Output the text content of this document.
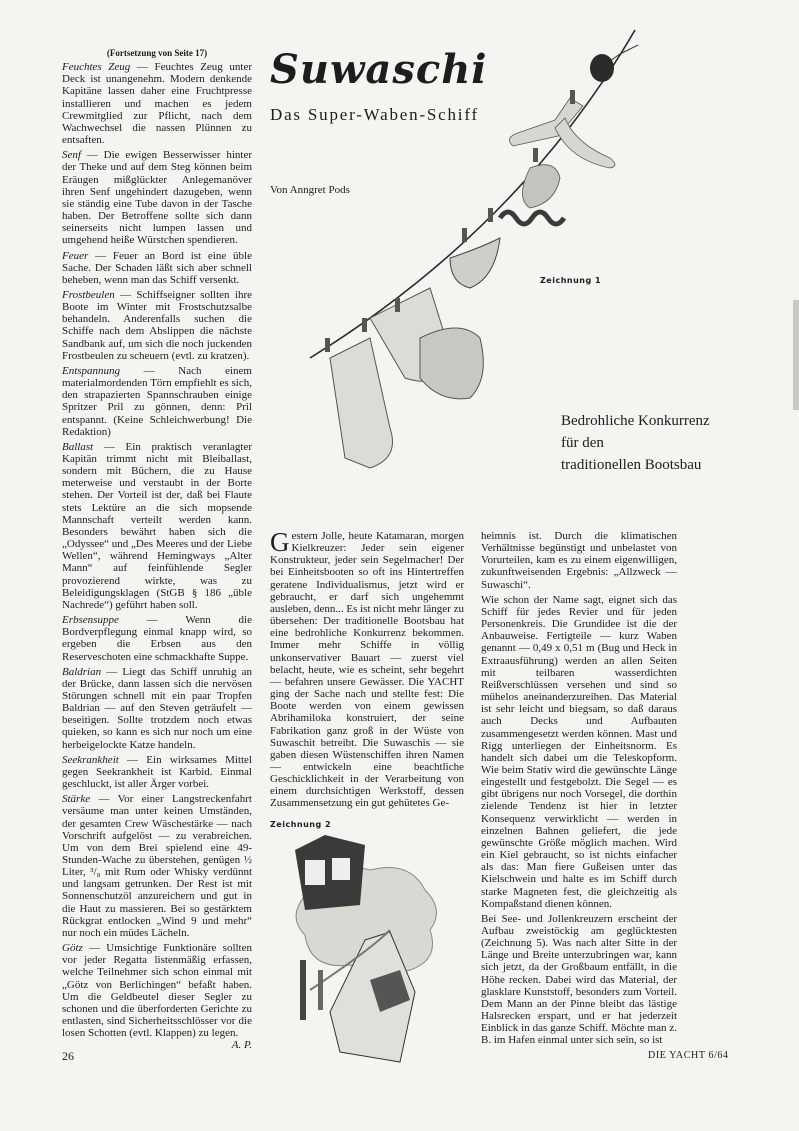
(Fortsetzung von Seite 17)

Feuchtes Zeug — Feuchtes Zeug unter Deck ist unangenehm. Modern denkende Kapitäne lassen daher eine Fruchtpresse installieren und machen es jedem Crewmitglied zur Pflicht, nach dem Wachwechsel die nassen Plünnen zu entsaften.

Senf — Die ewigen Besserwisser hinter der Theke und auf dem Steg können beim Eräugen mißglückter Anlegemanöver ihren Senf ungehindert dazugeben, wenn sie ständig eine Tube davon in der Tasche haben. Der Betroffene sollte sich dann seinerseits nicht lumpen lassen und umgehend heiße Würstchen spendieren.

Feuer — Feuer an Bord ist eine üble Sache. Der Schaden läßt sich aber schnell beheben, wenn man das Schiff versenkt.

Frostbeulen — Schiffseigner sollten ihre Boote im Winter mit Frostschutzsalbe behandeln. Anderenfalls suchen die Schiffe nach dem Abslippen die nächste Sandbank auf, um sich die noch juckenden Frostbeulen zu scheuern (evtl. zu kratzen).

Entspannung — Nach einem materialmordenden Törn empfiehlt es sich, den strapazierten Spannschrauben einige Spritzer Pril zu gönnen, denn: Pril entspannt. (Keine Schleichwerbung! Die Redaktion)

Ballast — Ein praktisch veranlagter Kapitän trimmt nicht mit Bleiballast, sondern mit Büchern, die zu Hause meterweise und verstaubt in der Borte stehen. Der Vorteil ist der, daß bei Flaute stets Lektüre an die sich mopsende Mannschaft verteilt werden kann. Besonders bewährt haben sich die „Odyssee“ und „Des Meeres und der Liebe Wellen“, während Hemingways „Alter Mann“ auf feinfühlende Segler provozierend wirkte, was zu Beleidigungsklagen (StGB § 186 „üble Nachrede“) geführt haben soll.

Erbsensuppe — Wenn die Bordverpflegung einmal knapp wird, so ergeben die Erbsen aus den Reserveschoten eine schmackhafte Suppe.

Baldrian — Liegt das Schiff unruhig an der Brücke, dann lassen sich die nervösen Störungen schnell mit ein paar Tropfen Baldrian — auf den Steven geträufelt — beseitigen. Sollte trotzdem noch etwas quieken, so kann es sich nur noch um eine herbeigelockte Katze handeln.

Seekrankheit — Ein wirksames Mittel gegen Seekrankheit ist Karbid. Einmal geschluckt, ist aller Ärger vorbei.

Stärke — Vor einer Langstreckenfahrt versäume man unter keinen Umständen, der gesamten Crew Wäschestärke — nach Vorschrift aufgelöst — zu verabreichen. Um von dem Brei spielend eine 49-Stunden-Wache zu überstehen, genügen ½ Liter, ³/₈ mit Rum oder Whisky verdünnt und langsam getrunken. Der Rest ist mit Sonnenschutzöl anzureichern und gut in die Haut zu massieren. Bei so gestärktem Rückgrat entlocken „Wind 9 und mehr“ nur noch ein müdes Lächeln.

Götz — Umsichtige Funktionäre sollten vor jeder Regatta listenmäßig erfassen, welche Teilnehmer sich schon einmal mit „Götz von Berlichingen“ befaßt haben. Um die Geldbeutel dieser Segler zu schonen und die überforderten Gerichte zu entlasten, sind Sicherheitsschlösser vor die losen Schotten (evtl. Klappen) zu legen.
A. P.

Suwaschi
Das Super-Waben-Schiff
Von Anngret Pods
Zeichnung 1
Bedrohliche Konkurrenz
für den
traditionellen Bootsbau

Gestern Jolle, heute Katamaran, morgen Kielkreuzer: Jeder sein eigener Konstrukteur, jeder sein Segelmacher! Der bei Einheitsbooten so oft ins Hintertreffen geratene Individualismus, jetzt wird er gebraucht, er darf sich ungehemmt ausleben, denn... Es ist nicht mehr länger zu übersehen: Der traditionelle Bootsbau hat eine bedrohliche Konkurrenz bekommen. Immer mehr Schiffe in völlig unkonservativer Bauart — zuerst viel belacht, heute, wie es scheint, sehr begehrt — befahren unsere Gewässer. Die YACHT ging der Sache nach und stellte fest: Die Boote werden von einem gewissen Abrihamiloka konstruiert, der seine Fabrikation ganz groß in der Wüste von Suwaschit betreibt. Die Suwaschis — sie gaben diesen Wüstenschiffen ihren Namen — entwickeln eine beachtliche Geschicklichkeit in der Verarbeitung von einem durchsichtigen Werkstoff, dessen Zusammensetzung ein gut gehütetes Ge-

Zeichnung 2

heimnis ist. Durch die klimatischen Verhältnisse begünstigt und unbelastet von Vorurteilen, kam es zu einem eigenwilligen, zukunftweisenden Ergebnis: „Allzweck — Suwaschi“.

Wie schon der Name sagt, eignet sich das Schiff für jedes Revier und für jeden Personenkreis. Die Grundidee ist die der Anbauweise. Fertigteile — kurz Waben genannt — 0,49 x 0,51 m (Bug und Heck in Extraausführung) werden an allen Seiten mit teilbaren wasserdichten Reißverschlüssen versehen und sind so mühelos aneinanderzureihen. Das Material ist sehr leicht und biegsam, so daß daraus auch Decks und Aufbauten zusammengesetzt werden können. Mast und Rigg unterliegen der Einheitsnorm. Es handelt sich dabei um die Teleskopform. Wie beim Stativ wird die gewünschte Länge eingestellt und festgebolzt. Die Segel — es gibt übrigens nur noch Vorsegel, die dorthin zielende Tendenz ist hier in letzter Konsequenz verwirklicht — werden in einzelnen Bahnen geliefert, die jede gewünschte Größe möglich machen. Wird ein Kiel gebraucht, so ist nichts einfacher als das: Man fiere Gußeisen unter das Kielschwein und halte es im Schiff durch starke Magneten fest, die gleichzeitig als Kompaßstand dienen können.

Bei See- und Jollenkreuzern erscheint der Aufbau zweistöckig am geglücktesten (Zeichnung 5). Was nach alter Sitte in der Länge und Breite unterzubringen war, kann sich jetzt, da der Großbaum entfällt, in die Höhe recken. Dabei wird das Material, der glasklare Kunststoff, besonders zum Vorteil. Dem Mann an der Pinne bleibt das lästige Halsrecken erspart, und er hat jederzeit Einblick in das ganze Schiff. Möchte man z. B. im Hafen einmal unter sich sein, so ist

26	DIE YACHT 6/64
